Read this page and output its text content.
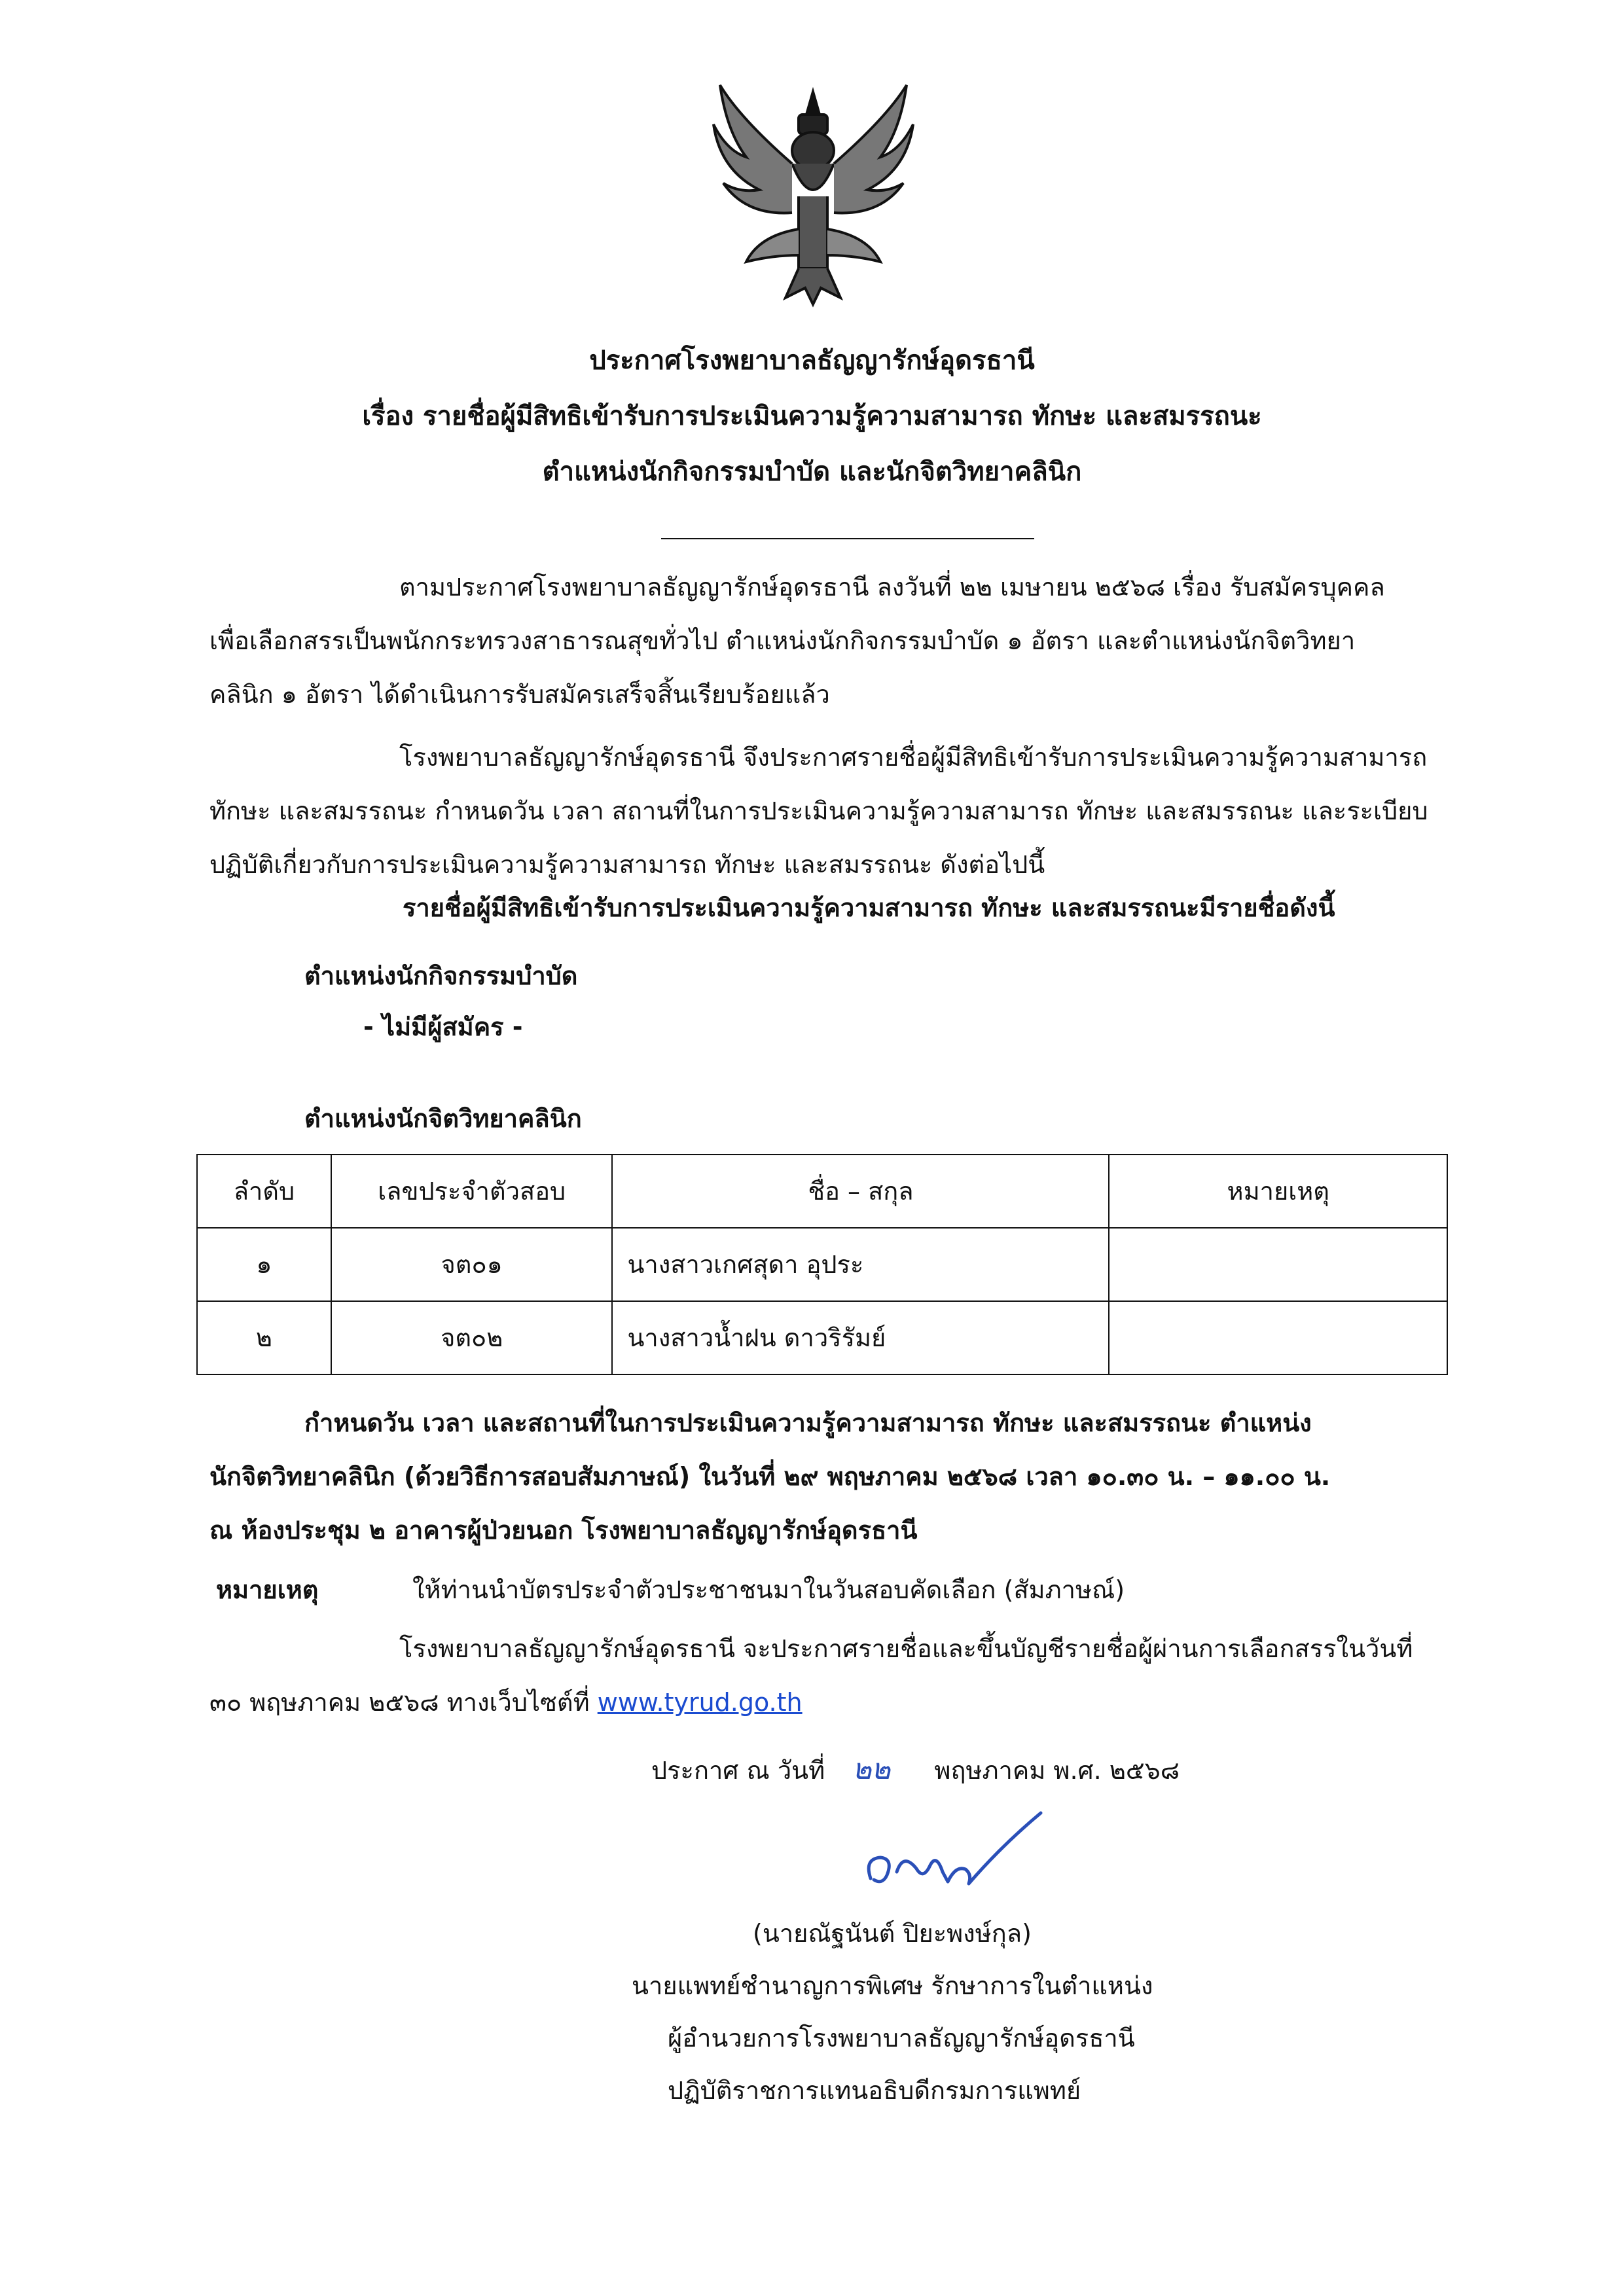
ประกาศโรงพยาบาลธัญญารักษ์อุดรธานี
เรื่อง รายชื่อผู้มีสิทธิเข้ารับการประเมินความรู้ความสามารถ ทักษะ และสมรรถนะ
ตำแหน่งนักกิจกรรมบำบัด และนักจิตวิทยาคลินิก
ตามประกาศโรงพยาบาลธัญญารักษ์อุดรธานี ลงวันที่ ๒๒ เมษายน ๒๕๖๘ เรื่อง รับสมัครบุคคล
เพื่อเลือกสรรเป็นพนักกระทรวงสาธารณสุขทั่วไป ตำแหน่งนักกิจกรรมบำบัด ๑ อัตรา และตำแหน่งนักจิตวิทยา
คลินิก ๑ อัตรา ได้ดำเนินการรับสมัครเสร็จสิ้นเรียบร้อยแล้ว
โรงพยาบาลธัญญารักษ์อุดรธานี จึงประกาศรายชื่อผู้มีสิทธิเข้ารับการประเมินความรู้ความสามารถ
ทักษะ และสมรรถนะ กำหนดวัน เวลา สถานที่ในการประเมินความรู้ความสามารถ ทักษะ และสมรรถนะ และระเบียบ
ปฏิบัติเกี่ยวกับการประเมินความรู้ความสามารถ ทักษะ และสมรรถนะ ดังต่อไปนี้
รายชื่อผู้มีสิทธิเข้ารับการประเมินความรู้ความสามารถ ทักษะ และสมรรถนะมีรายชื่อดังนี้
ตำแหน่งนักกิจกรรมบำบัด
- ไม่มีผู้สมัคร -
ตำแหน่งนักจิตวิทยาคลินิก
ลำดับ	เลขประจำตัวสอบ	ชื่อ – สกุล	หมายเหตุ
๑	จต๐๑	นางสาวเกศสุดา อุประ	
๒	จต๐๒	นางสาวน้ำฝน ดาวริรัมย์	
กำหนดวัน เวลา และสถานที่ในการประเมินความรู้ความสามารถ ทักษะ และสมรรถนะ ตำแหน่ง
นักจิตวิทยาคลินิก (ด้วยวิธีการสอบสัมภาษณ์) ในวันที่ ๒๙ พฤษภาคม ๒๕๖๘ เวลา ๑๐.๓๐ น. – ๑๑.๐๐ น.
ณ ห้องประชุม ๒ อาคารผู้ป่วยนอก โรงพยาบาลธัญญารักษ์อุดรธานี
หมายเหตุ	ให้ท่านนำบัตรประจำตัวประชาชนมาในวันสอบคัดเลือก (สัมภาษณ์)
โรงพยาบาลธัญญารักษ์อุดรธานี จะประกาศรายชื่อและขึ้นบัญชีรายชื่อผู้ผ่านการเลือกสรรในวันที่
๓๐ พฤษภาคม ๒๕๖๘ ทางเว็บไซต์ที่ www.tyrud.go.th
ประกาศ ณ วันที่ ๒๒ พฤษภาคม พ.ศ. ๒๕๖๘
(นายณัฐนันต์ ปิยะพงษ์กุล)
นายแพทย์ชำนาญการพิเศษ รักษาการในตำแหน่ง
ผู้อำนวยการโรงพยาบาลธัญญารักษ์อุดรธานี
ปฏิบัติราชการแทนอธิบดีกรมการแพทย์
